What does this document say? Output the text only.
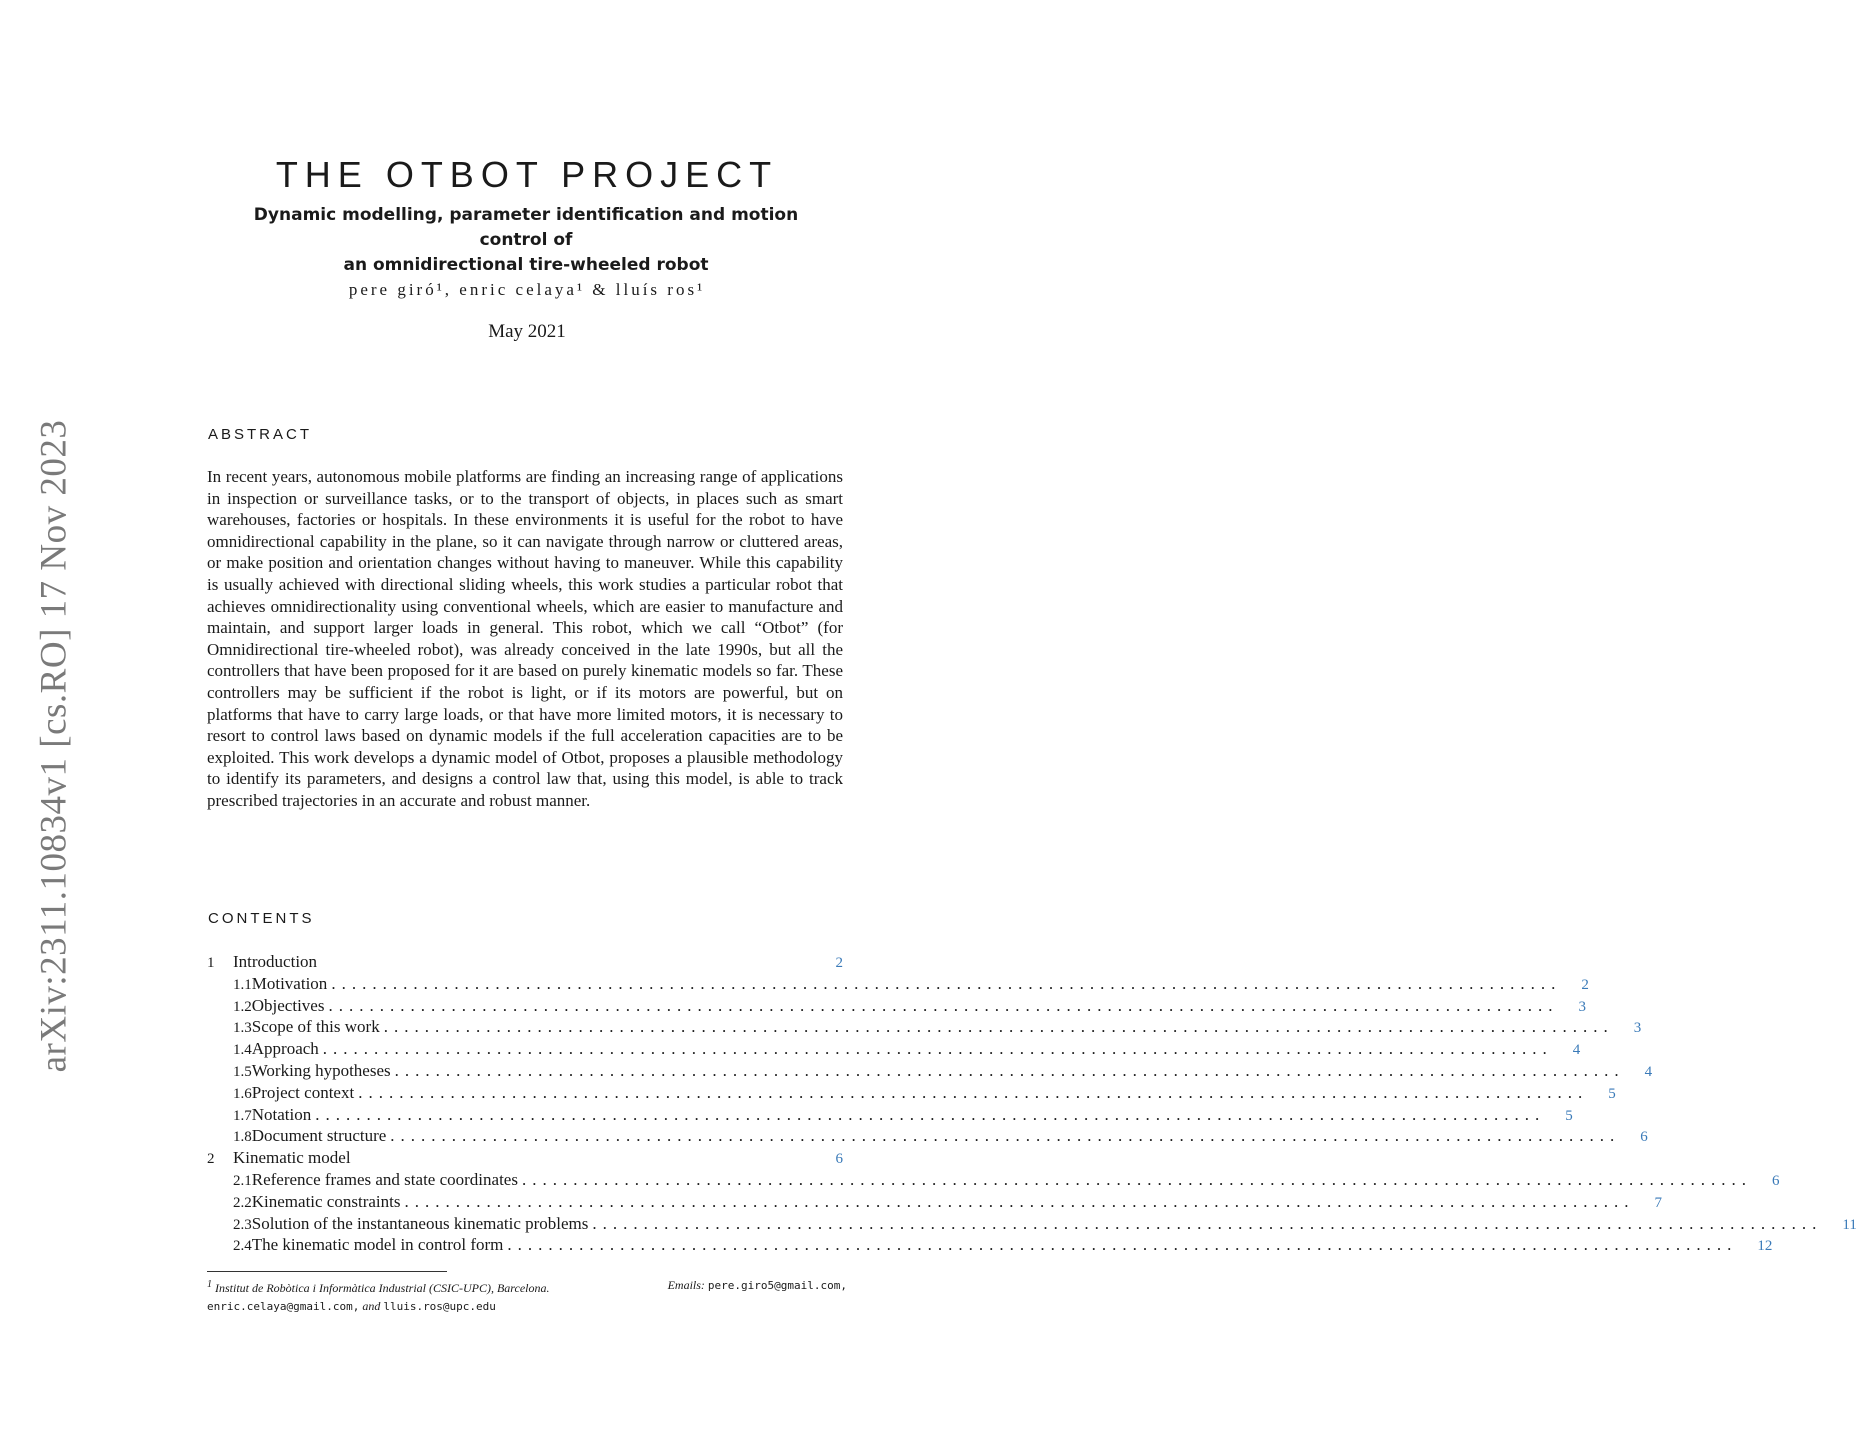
arXiv:2311.10834v1 [cs.RO] 17 Nov 2023
THE OTBOT PROJECT
Dynamic modelling, parameter identification and motion control of
an omnidirectional tire-wheeled robot
pere giró¹, enric celaya¹ & lluís ros¹
May 2021
ABSTRACT
In recent years, autonomous mobile platforms are finding an increasing range of applications in inspection or surveillance tasks, or to the transport of objects, in places such as smart warehouses, factories or hospitals. In these environments it is useful for the robot to have omnidirectional capability in the plane, so it can navigate through narrow or cluttered areas, or make position and orientation changes without having to maneuver. While this capability is usually achieved with directional sliding wheels, this work studies a particular robot that achieves omnidirectionality using conventional wheels, which are easier to manufacture and maintain, and support larger loads in general. This robot, which we call “Otbot” (for Omnidirectional tire-wheeled robot), was already conceived in the late 1990s, but all the controllers that have been proposed for it are based on purely kinematic models so far. These controllers may be sufficient if the robot is light, or if its motors are powerful, but on platforms that have to carry large loads, or that have more limited motors, it is necessary to resort to control laws based on dynamic models if the full acceleration capacities are to be exploited. This work develops a dynamic model of Otbot, proposes a plausible methodology to identify its parameters, and designs a control law that, using this model, is able to track prescribed trajectories in an accurate and robust manner.
CONTENTS
1	Introduction	2
1.1 Motivation ........................................................................................................................ 2
1.2 Objectives ........................................................................................................................ 3
1.3 Scope of this work ........................................................................................................................ 3
1.4 Approach ........................................................................................................................ 4
1.5 Working hypotheses ........................................................................................................................ 4
1.6 Project context ........................................................................................................................ 5
1.7 Notation ........................................................................................................................ 5
1.8 Document structure ........................................................................................................................ 6
2	Kinematic model	6
2.1 Reference frames and state coordinates ........................................................................................................................ 6
2.2 Kinematic constraints ........................................................................................................................ 7
2.3 Solution of the instantaneous kinematic problems ........................................................................................................................ 11
2.4 The kinematic model in control form ........................................................................................................................ 12
$^1$ Institut de Robòtica i Informàtica Industrial (CSIC-UPC), Barcelona.	Emails: pere.giro5@gmail.com,
enric.celaya@gmail.com, and lluis.ros@upc.edu
